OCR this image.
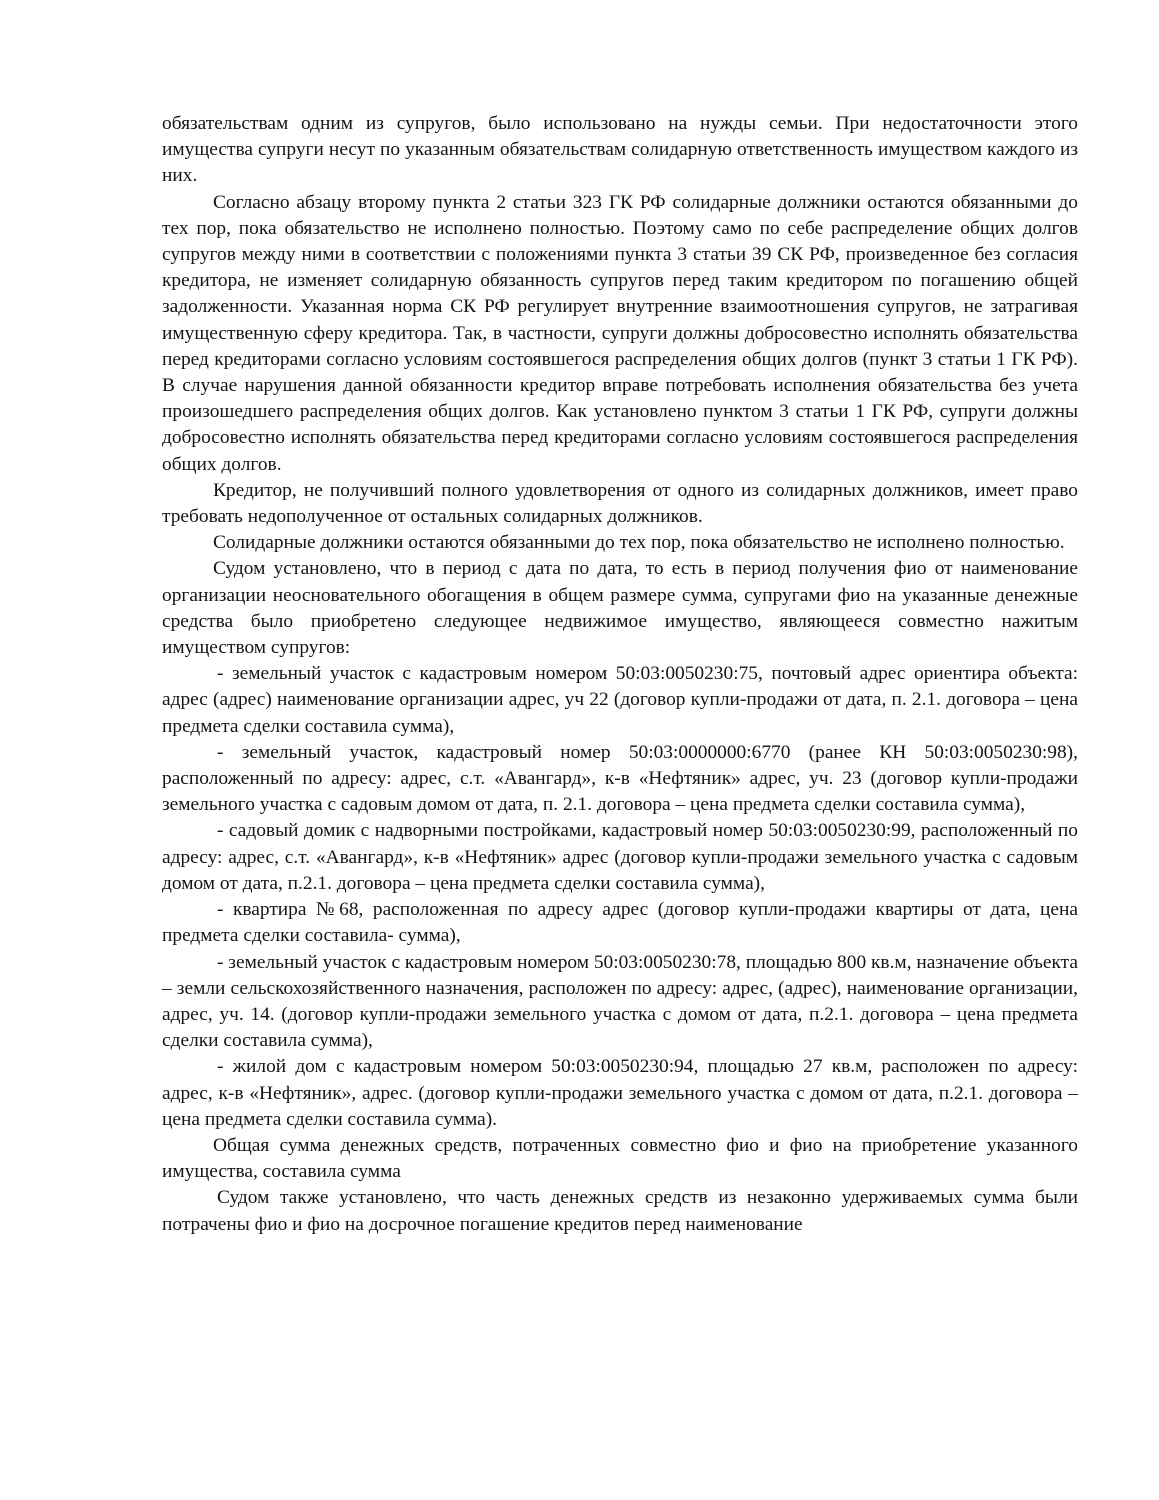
обязательствам одним из супругов, было использовано на нужды семьи. При недостаточности этого имущества супруги несут по указанным обязательствам солидарную ответственность имуществом каждого из них.

Согласно абзацу второму пункта 2 статьи 323 ГК РФ солидарные должники остаются обязанными до тех пор, пока обязательство не исполнено полностью. Поэтому само по себе распределение общих долгов супругов между ними в соответствии с положениями пункта 3 статьи 39 СК РФ, произведенное без согласия кредитора, не изменяет солидарную обязанность супругов перед таким кредитором по погашению общей задолженности. Указанная норма СК РФ регулирует внутренние взаимоотношения супругов, не затрагивая имущественную сферу кредитора. Так, в частности, супруги должны добросовестно исполнять обязательства перед кредиторами согласно условиям состоявшегося распределения общих долгов (пункт 3 статьи 1 ГК РФ). В случае нарушения данной обязанности кредитор вправе потребовать исполнения обязательства без учета произошедшего распределения общих долгов. Как установлено пунктом 3 статьи 1 ГК РФ, супруги должны добросовестно исполнять обязательства перед кредиторами согласно условиям состоявшегося распределения общих долгов.

Кредитор, не получивший полного удовлетворения от одного из солидарных должников, имеет право требовать недополученное от остальных солидарных должников.

Солидарные должники остаются обязанными до тех пор, пока обязательство не исполнено полностью.

Судом установлено, что в период с дата по дата, то есть в период получения фио от наименование организации неосновательного обогащения в общем размере сумма, супругами фио на указанные денежные средства было приобретено следующее недвижимое имущество, являющееся совместно нажитым имуществом супругов:

- земельный участок с кадастровым номером 50:03:0050230:75, почтовый адрес ориентира объекта: адрес (адрес) наименование организации адрес, уч 22 (договор купли-продажи от дата, п. 2.1. договора – цена предмета сделки составила сумма),

- земельный участок, кадастровый номер 50:03:0000000:6770 (ранее КН 50:03:0050230:98), расположенный по адресу: адрес, с.т. «Авангард», к-в «Нефтяник» адрес, уч. 23 (договор купли-продажи земельного участка с садовым домом от дата, п. 2.1. договора – цена предмета сделки составила сумма),

- садовый домик с надворными постройками, кадастровый номер 50:03:0050230:99, расположенный по адресу: адрес, с.т. «Авангард», к-в «Нефтяник» адрес (договор купли-продажи земельного участка с садовым домом от дата, п.2.1. договора – цена предмета сделки составила сумма),

- квартира №68, расположенная по адресу адрес (договор купли-продажи квартиры от дата, цена предмета сделки составила- сумма),

- земельный участок с кадастровым номером 50:03:0050230:78, площадью 800 кв.м, назначение объекта – земли сельскохозяйственного назначения, расположен по адресу: адрес, (адрес), наименование организации, адрес, уч. 14. (договор купли-продажи земельного участка с домом от дата, п.2.1. договора – цена предмета сделки составила сумма),

- жилой дом с кадастровым номером 50:03:0050230:94, площадью 27 кв.м, расположен по адресу: адрес, к-в «Нефтяник», адрес. (договор купли-продажи земельного участка с домом от дата, п.2.1. договора – цена предмета сделки составила сумма).

Общая сумма денежных средств, потраченных совместно фио и фио на приобретение указанного имущества, составила сумма

Судом также установлено, что часть денежных средств из незаконно удерживаемых сумма были потрачены фио и фио на досрочное погашение кредитов перед наименование
